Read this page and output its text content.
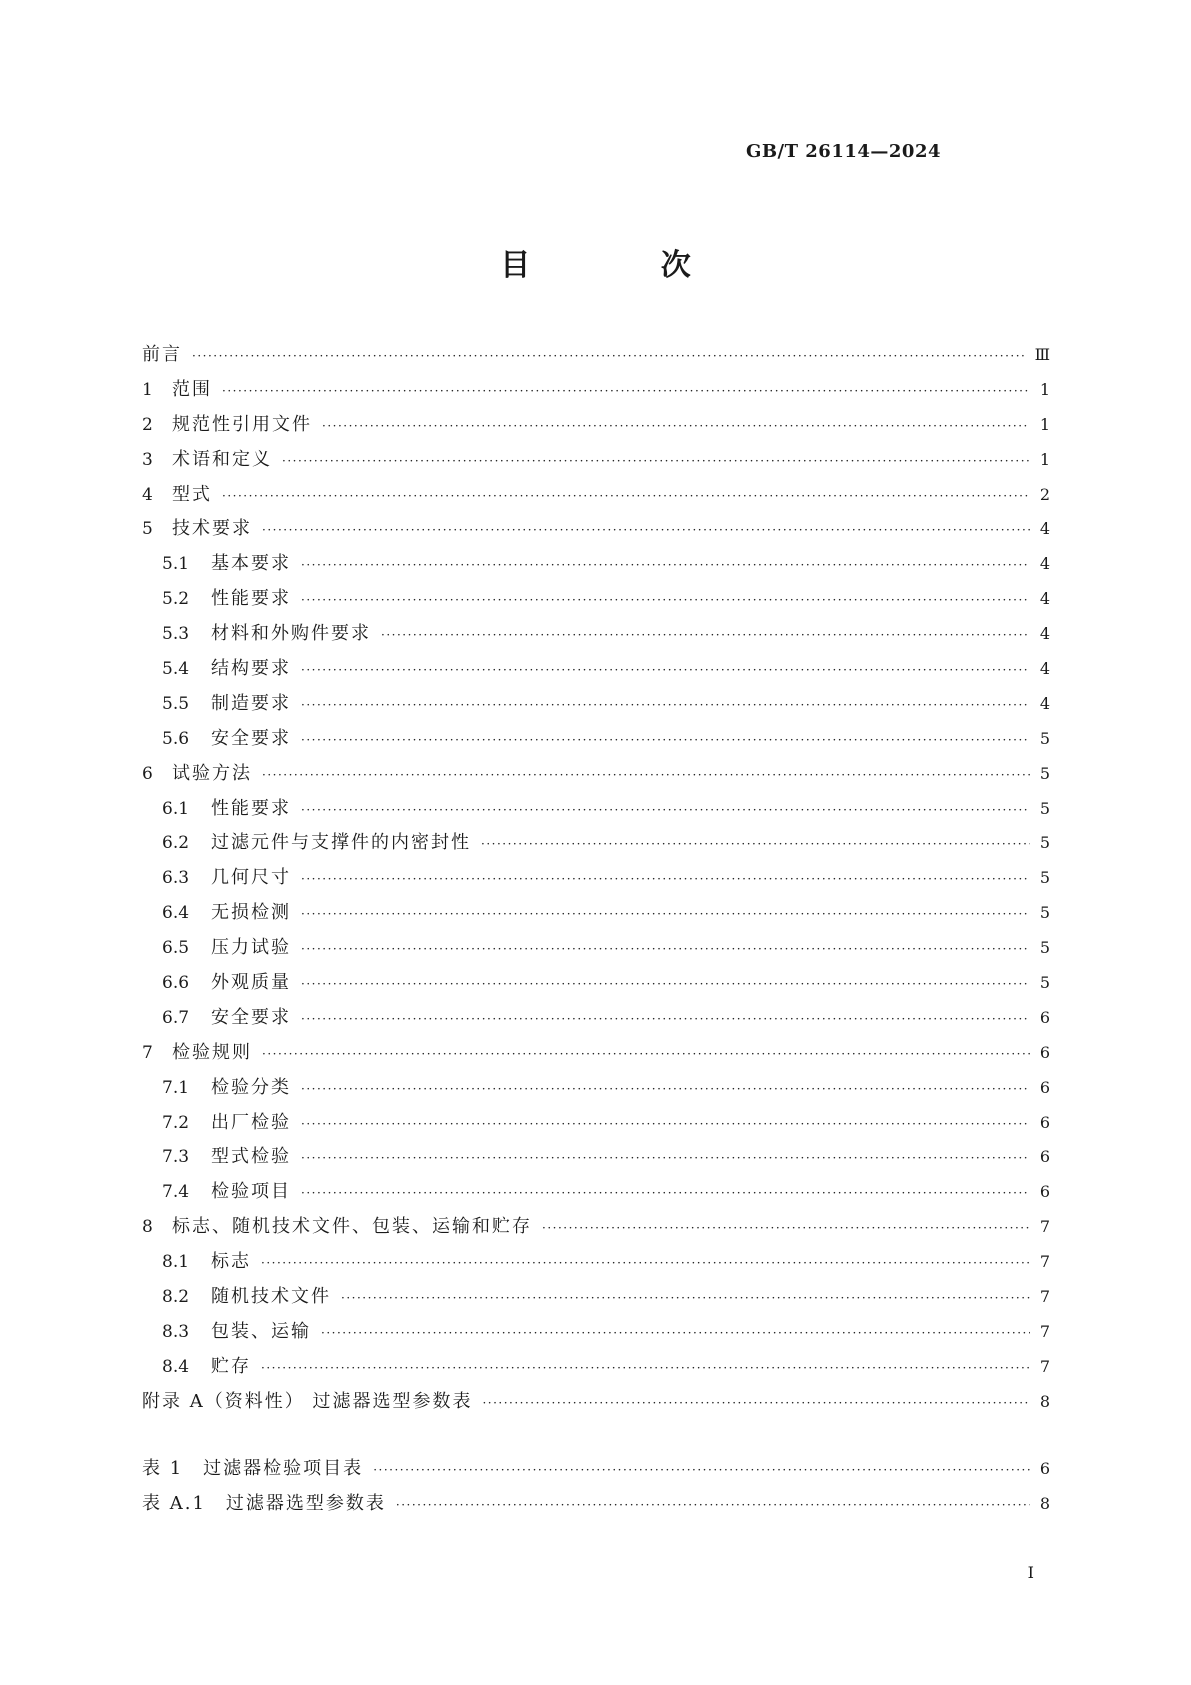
GB/T 26114—2024
目 次
前言 ·····	Ⅲ
1	范围 ·····	1
2	规范性引用文件 ·····	1
3	术语和定义 ·····	1
4	型式 ·····	2
5	技术要求 ·····	4
5.1	基本要求 ·····	4
5.2	性能要求 ·····	4
5.3	材料和外购件要求 ·····	4
5.4	结构要求 ·····	4
5.5	制造要求 ·····	4
5.6	安全要求 ·····	5
6	试验方法 ·····	5
6.1	性能要求 ·····	5
6.2	过滤元件与支撑件的内密封性 ·····	5
6.3	几何尺寸 ·····	5
6.4	无损检测 ·····	5
6.5	压力试验 ·····	5
6.6	外观质量 ·····	5
6.7	安全要求 ·····	6
7	检验规则 ·····	6
7.1	检验分类 ·····	6
7.2	出厂检验 ·····	6
7.3	型式检验 ·····	6
7.4	检验项目 ·····	6
8	标志、随机技术文件、包装、运输和贮存 ·····	7
8.1	标志 ·····	7
8.2	随机技术文件 ·····	7
8.3	包装、运输 ·····	7
8.4	贮存 ·····	7
附录 A（资料性） 过滤器选型参数表 ·····	8
表 1　过滤器检验项目表 ·····	6
表 A.1　过滤器选型参数表 ·····	8
Ⅰ
